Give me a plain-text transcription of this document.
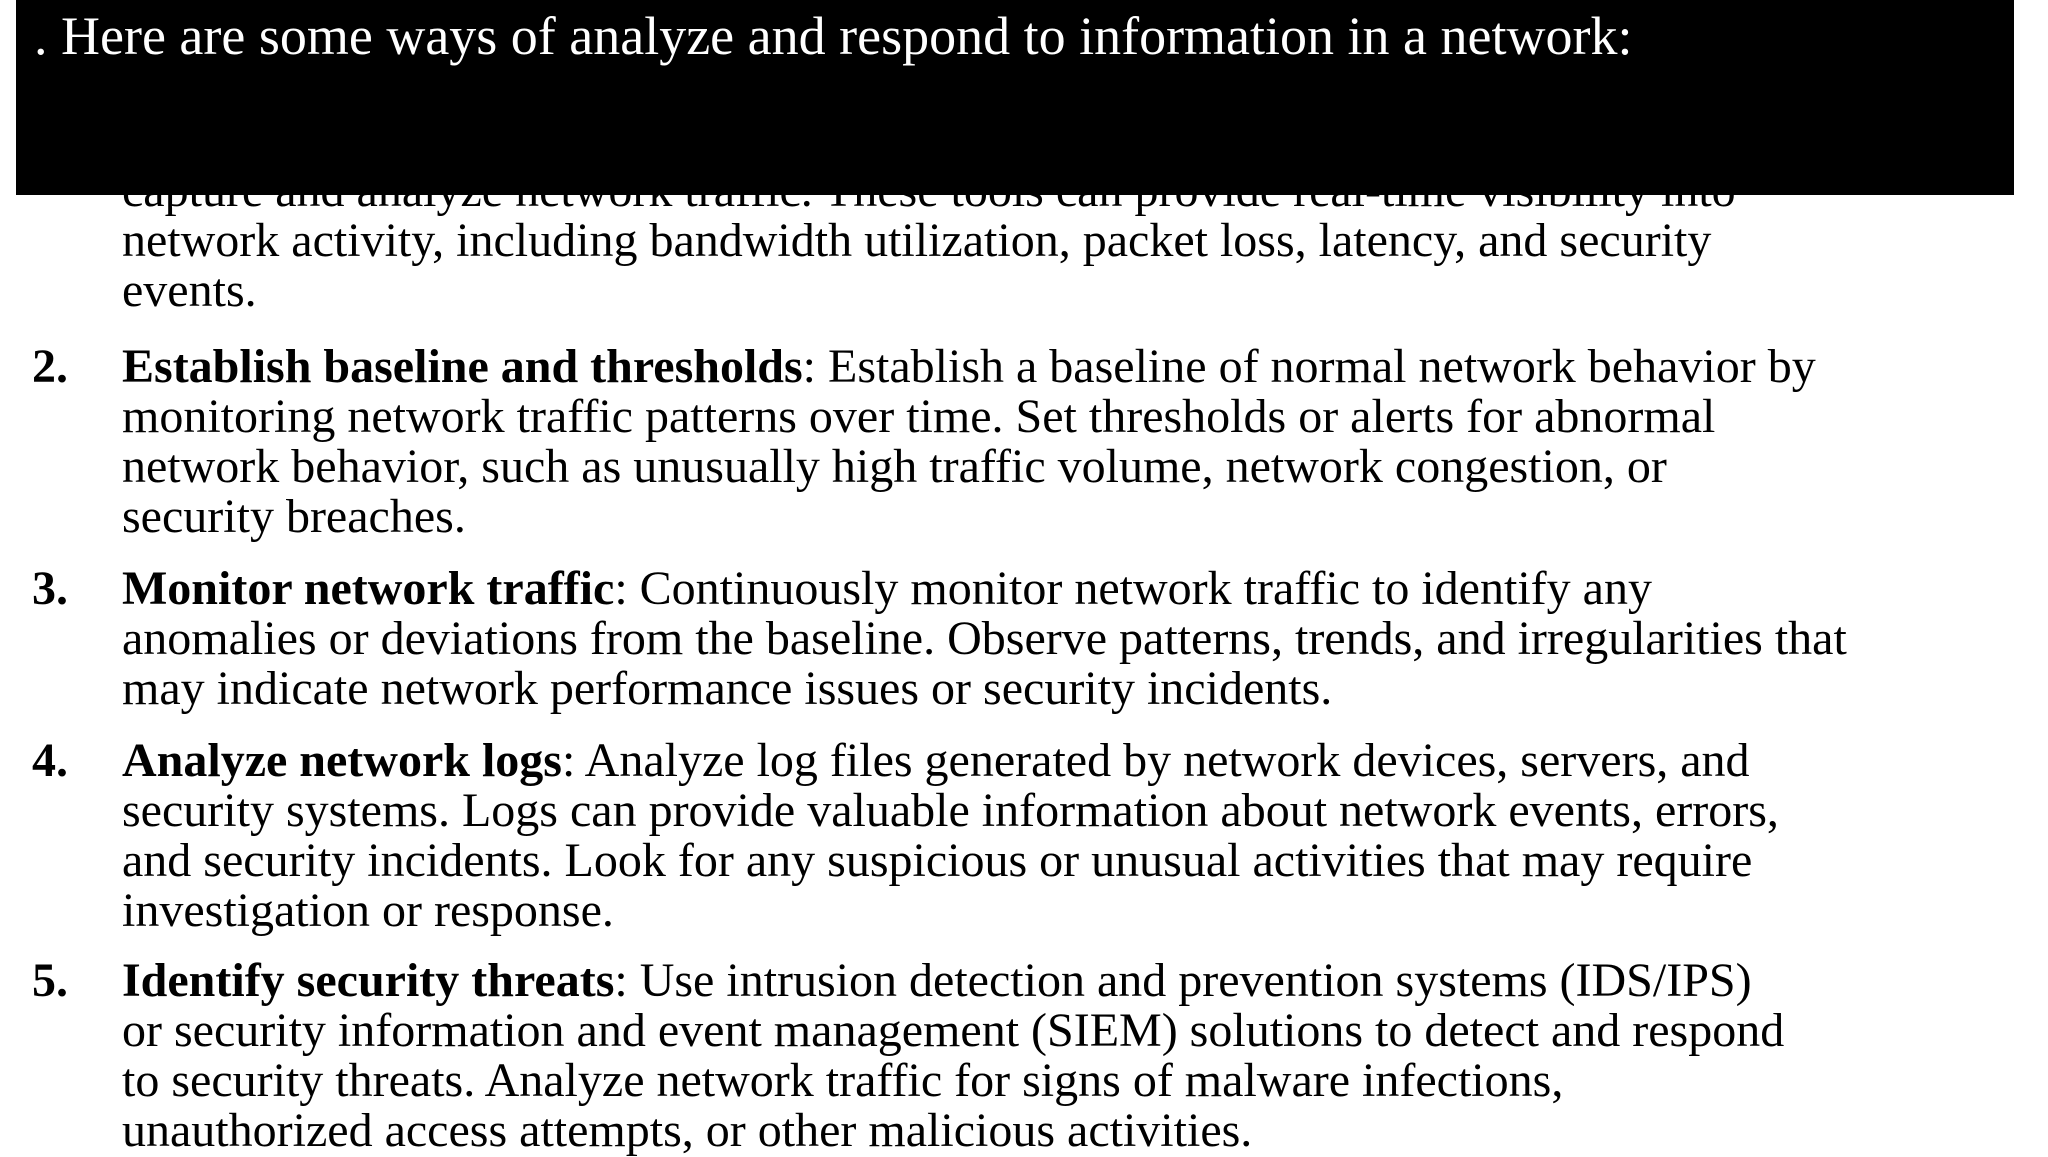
network activity, including bandwidth utilization, packet loss, latency, and security
events.
2. Establish baseline and thresholds: Establish a baseline of normal network behavior by
monitoring network traffic patterns over time. Set thresholds or alerts for abnormal
network behavior, such as unusually high traffic volume, network congestion, or
security breaches.
3. Monitor network traffic: Continuously monitor network traffic to identify any
anomalies or deviations from the baseline. Observe patterns, trends, and irregularities that
may indicate network performance issues or security incidents.
4. Analyze network logs: Analyze log files generated by network devices, servers, and
security systems. Logs can provide valuable information about network events, errors,
and security incidents. Look for any suspicious or unusual activities that may require
investigation or response.
5. Identify security threats: Use intrusion detection and prevention systems (IDS/IPS)
or security information and event management (SIEM) solutions to detect and respond
to security threats. Analyze network traffic for signs of malware infections,
unauthorized access attempts, or other malicious activities.
. Here are some ways of analyze and respond to information in a network:
